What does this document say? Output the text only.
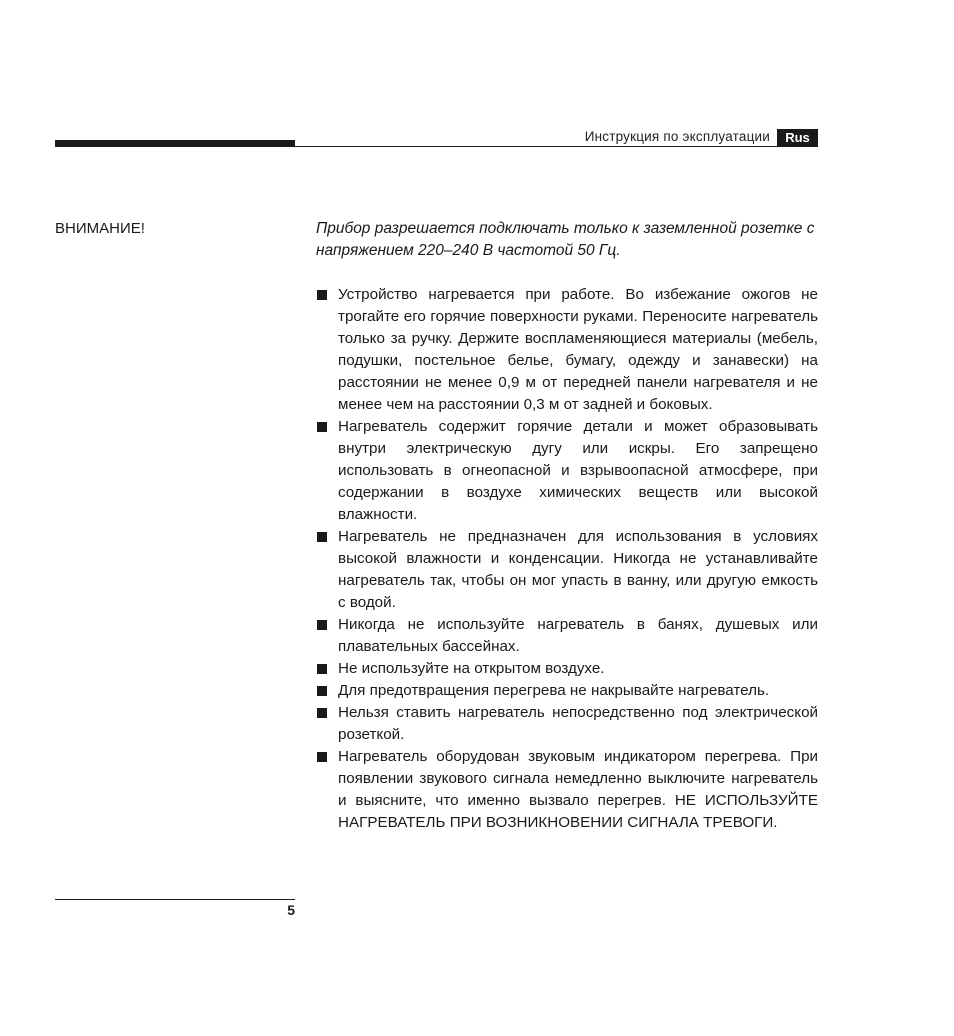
Инструкция по эксплуатации	Rus
ВНИМАНИЕ!	Прибор разрешается подключать только к заземленной розетке с напряжением 220–240 В частотой 50 Гц.

Устройство нагревается при работе. Во избежание ожогов не трогайте его горячие поверхности руками. Переносите нагреватель только за ручку. Держите воспламеняющиеся материалы (мебель, подушки, постельное белье, бумагу, одежду и занавески) на расстоянии не менее 0,9 м от передней панели нагревателя и не менее чем на расстоянии 0,3 м от задней и боковых.
Нагреватель содержит горячие детали и может образовывать внутри электрическую дугу или искры. Его запрещено использовать в огнеопасной и взрывоопасной атмосфере, при содержании в воздухе химических веществ или высокой влажности.
Нагреватель не предназначен для использования в условиях высокой влажности и конденсации. Никогда не устанавливайте нагреватель так, чтобы он мог упасть в ванну, или другую емкость с водой.
Никогда не используйте нагреватель в банях, душевых или плавательных бассейнах.
Не используйте на открытом воздухе.
Для предотвращения перегрева не накрывайте нагреватель.
Нельзя ставить нагреватель непосредственно под электрической розеткой.
Нагреватель оборудован звуковым индикатором перегрева. При появлении звукового сигнала немедленно выключите нагреватель и выясните, что именно вызвало перегрев. НЕ ИСПОЛЬЗУЙТЕ НАГРЕВАТЕЛЬ ПРИ ВОЗНИКНОВЕНИИ СИГНАЛА ТРЕВОГИ.
5
